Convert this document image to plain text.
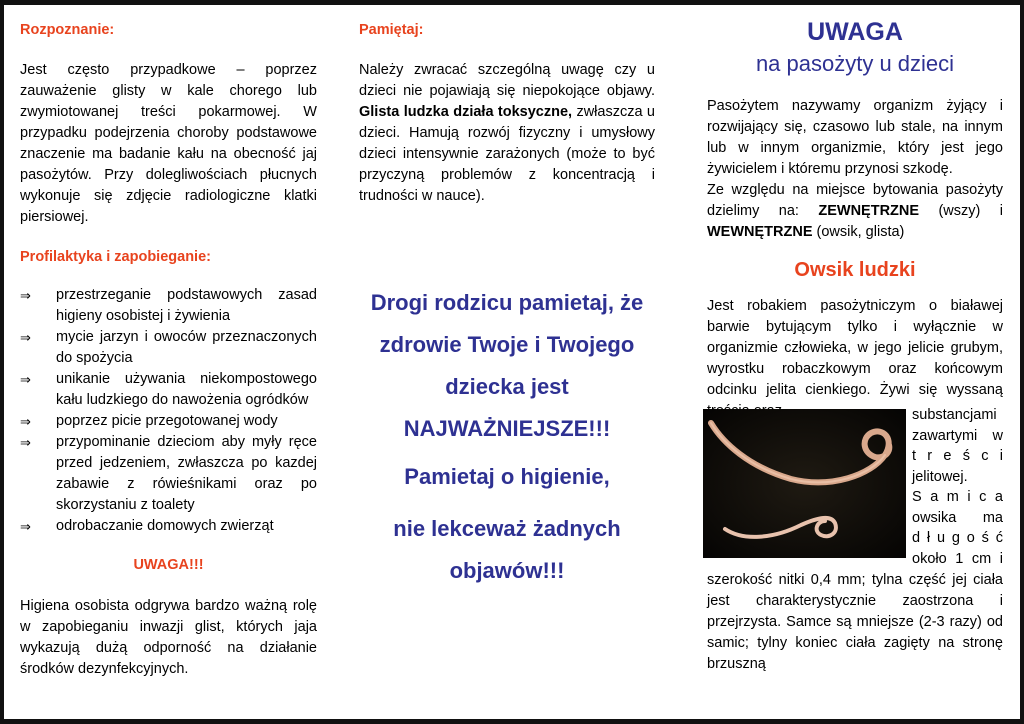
Rozpoznanie:
Jest często przypadkowe – poprzez zauważenie glisty w kale chorego lub zwymiotowanej treści pokarmowej. W przypadku podejrzenia choroby podstawowe znaczenie ma badanie kału na obecność jaj pasożytów. Przy dolegliwościach płucnych wykonuje się zdjęcie radiologiczne klatki piersiowej.
Profilaktyka i zapobieganie:
⇒ przestrzeganie podstawowych zasad higieny osobistej i żywienia
⇒ mycie jarzyn i owoców przeznaczonych do spożycia
⇒ unikanie używania niekompostowego kału ludzkiego do nawożenia ogródków
⇒ poprzez picie przegotowanej wody
⇒ przypominanie dzieciom aby myły ręce przed jedzeniem, zwłaszcza po kazdej zabawie z rówieśnikami oraz po skorzystaniu z toalety
⇒ odrobaczanie domowych zwierząt
UWAGA!!!
Higiena osobista odgrywa bardzo ważną rolę w zapobieganiu inwazji glist, których jaja wykazują dużą odporność na działanie środków dezynfekcyjnych.
Pamiętaj:
Należy zwracać szczególną uwagę czy u dzieci nie pojawiają się niepokojące objawy. Glista ludzka działa toksyczne, zwłaszcza u dzieci. Hamują rozwój fizyczny i umysłowy dzieci intensywnie zarażonych (może to być przyczyną problemów z koncentracją i trudności w nauce).
Drogi rodzicu pamietaj, że
zdrowie Twoje i Twojego
dziecka jest
NAJWAŻNIEJSZE!!!
Pamietaj o higienie,
nie lekceważ żadnych
objawów!!!
UWAGA
na pasożyty u dzieci
Pasożytem nazywamy organizm żyjący i rozwijający się, czasowo lub stale, na innym lub w innym organizmie, który jest jego żywicielem i któremu przynosi szkodę.
Ze względu na miejsce bytowania pasożyty dzielimy na: ZEWNĘTRZNE (wszy) i WEWNĘTRZNE (owsik, glista)
Owsik ludzki
Jest robakiem pasożytniczym o białawej barwie bytującym tylko i wyłącznie w organizmie człowieka, w jego jelicie grubym, wyrostku robaczkowym oraz końcowym odcinku jelita cienkiego. Żywi się wyssaną
substancjami
zawartymi w
t r e ś c i
jelitowej.
S a m i c a
owsika ma
d ł u g o ś ć
około 1 cm i
szerokość nitki 0,4 mm; tylna część jej ciała jest charakterystycznie zaostrzona i przejrzysta. Samce są mniejsze (2-3 razy) od samic; tylny koniec ciała zagięty na stronę brzuszną
